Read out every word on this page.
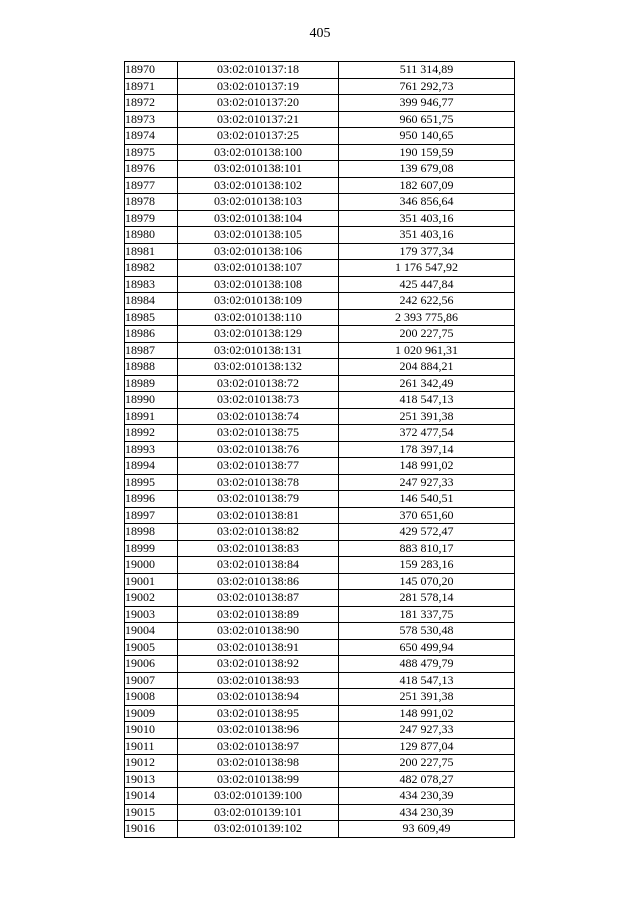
405
18970	03:02:010137:18	511 314,89
18971	03:02:010137:19	761 292,73
18972	03:02:010137:20	399 946,77
18973	03:02:010137:21	960 651,75
18974	03:02:010137:25	950 140,65
18975	03:02:010138:100	190 159,59
18976	03:02:010138:101	139 679,08
18977	03:02:010138:102	182 607,09
18978	03:02:010138:103	346 856,64
18979	03:02:010138:104	351 403,16
18980	03:02:010138:105	351 403,16
18981	03:02:010138:106	179 377,34
18982	03:02:010138:107	1 176 547,92
18983	03:02:010138:108	425 447,84
18984	03:02:010138:109	242 622,56
18985	03:02:010138:110	2 393 775,86
18986	03:02:010138:129	200 227,75
18987	03:02:010138:131	1 020 961,31
18988	03:02:010138:132	204 884,21
18989	03:02:010138:72	261 342,49
18990	03:02:010138:73	418 547,13
18991	03:02:010138:74	251 391,38
18992	03:02:010138:75	372 477,54
18993	03:02:010138:76	178 397,14
18994	03:02:010138:77	148 991,02
18995	03:02:010138:78	247 927,33
18996	03:02:010138:79	146 540,51
18997	03:02:010138:81	370 651,60
18998	03:02:010138:82	429 572,47
18999	03:02:010138:83	883 810,17
19000	03:02:010138:84	159 283,16
19001	03:02:010138:86	145 070,20
19002	03:02:010138:87	281 578,14
19003	03:02:010138:89	181 337,75
19004	03:02:010138:90	578 530,48
19005	03:02:010138:91	650 499,94
19006	03:02:010138:92	488 479,79
19007	03:02:010138:93	418 547,13
19008	03:02:010138:94	251 391,38
19009	03:02:010138:95	148 991,02
19010	03:02:010138:96	247 927,33
19011	03:02:010138:97	129 877,04
19012	03:02:010138:98	200 227,75
19013	03:02:010138:99	482 078,27
19014	03:02:010139:100	434 230,39
19015	03:02:010139:101	434 230,39
19016	03:02:010139:102	93 609,49
